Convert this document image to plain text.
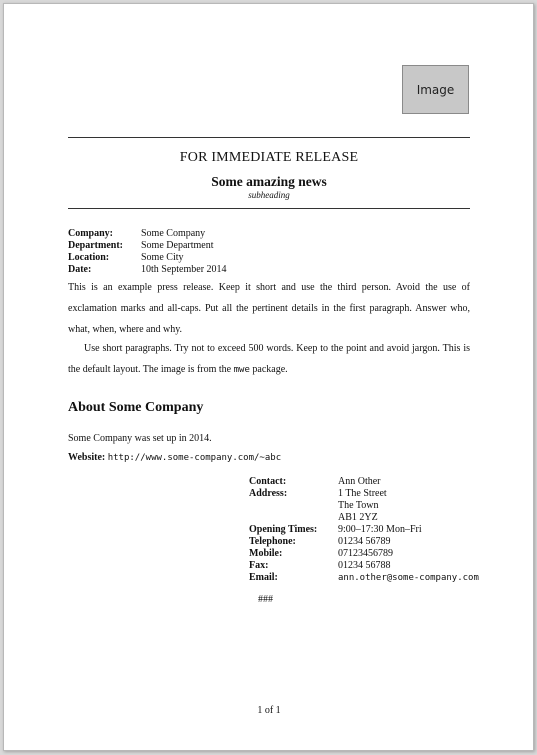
Image
FOR IMMEDIATE RELEASE
Some amazing news
subheading
Company:	Some Company
Department:	Some Department
Location:	Some City
Date:	10th September 2014
This is an example press release. Keep it short and use the third person. Avoid the use of exclamation marks and all-caps. Put all the pertinent details in the first paragraph. Answer who, what, when, where and why.
Use short paragraphs. Try not to exceed 500 words. Keep to the point and avoid jargon. This is the default layout. The image is from the mwe package.
About Some Company
Some Company was set up in 2014.
Website: http://www.some-company.com/~abc
Contact:	Ann Other
Address:	1 The Street
The Town
AB1 2YZ
Opening Times:	9:00–17:30 Mon–Fri
Telephone:	01234 56789
Mobile:	07123456789
Fax:	01234 56788
Email:	ann.other@some-company.com
###
1 of 1
